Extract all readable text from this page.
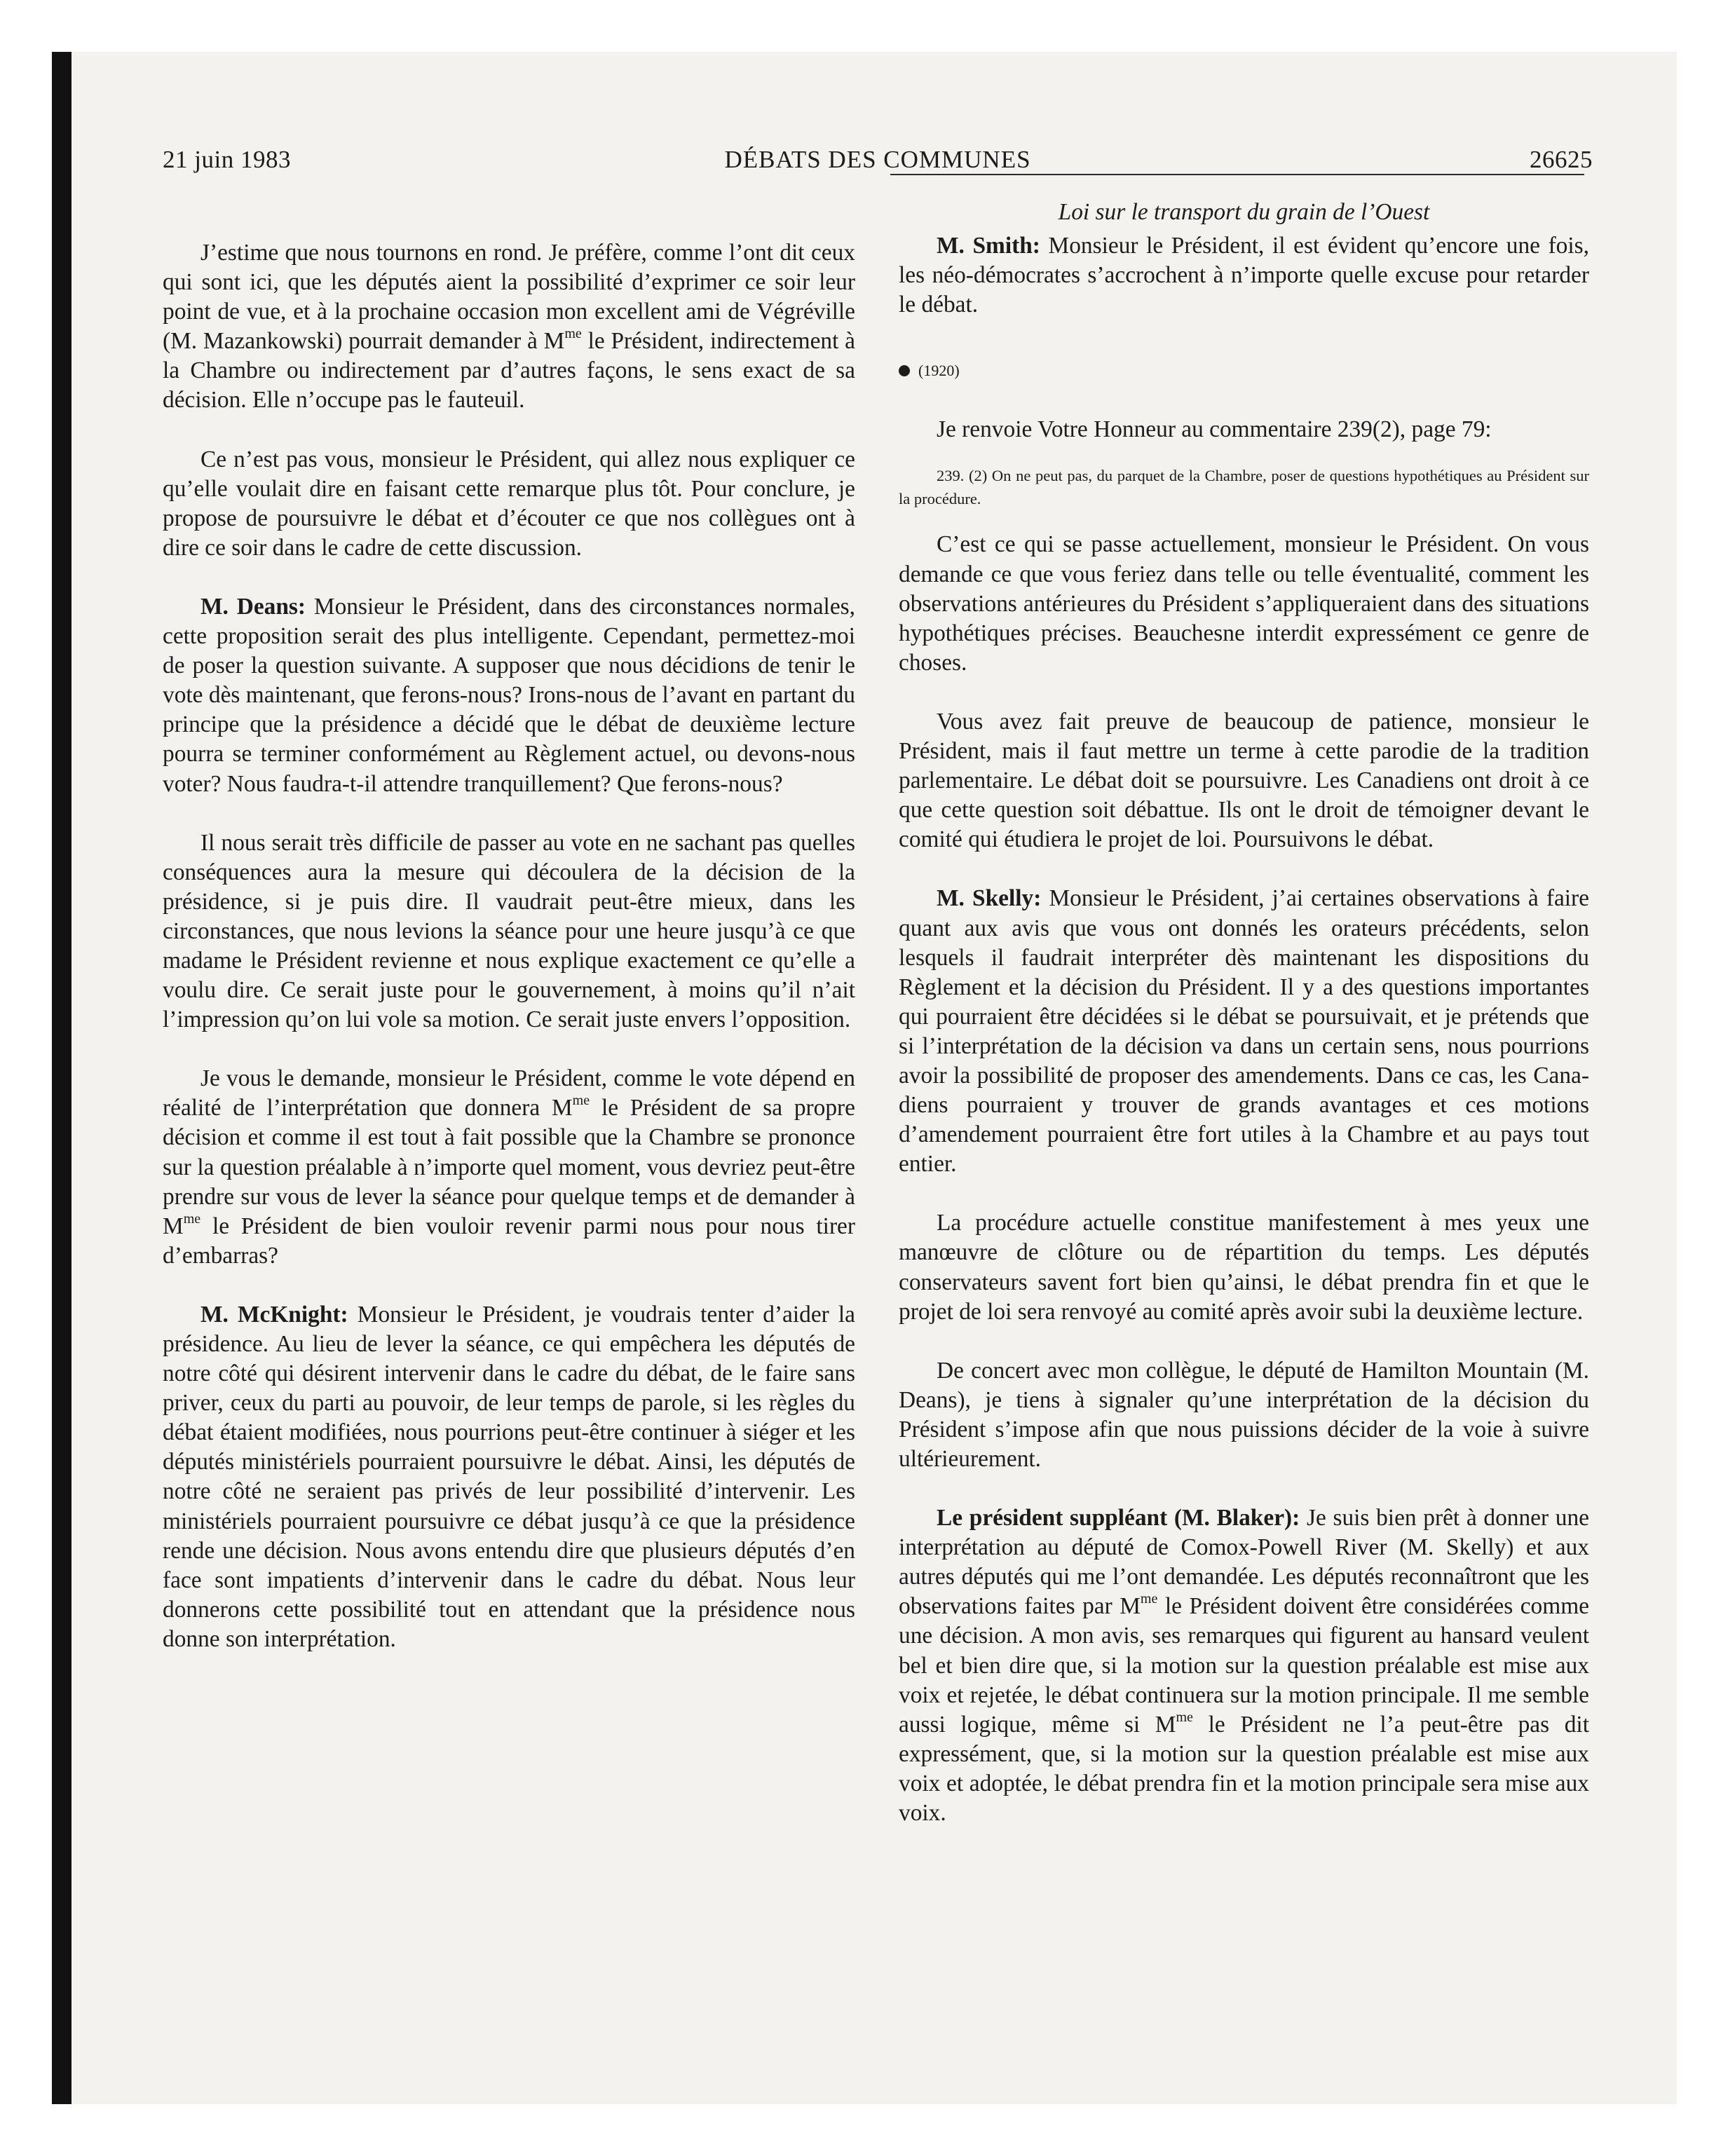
21 juin 1983	DÉBATS DES COMMUNES	26625

J’estime que nous tournons en rond. Je préfère, comme l’ont dit ceux qui sont ici, que les députés aient la possibilité d’exprimer ce soir leur point de vue, et à la prochaine occasion mon excellent ami de Végréville (M. Mazankowski) pourrait demander à $M^{me}$ le Président, indirectement à la Chambre ou indirectement par d’autres façons, le sens exact de sa décision. Elle n’occupe pas le fauteuil.

Ce n’est pas vous, monsieur le Président, qui allez nous expliquer ce qu’elle voulait dire en faisant cette remarque plus tôt. Pour conclure, je propose de poursuivre le débat et d’écouter ce que nos collègues ont à dire ce soir dans le cadre de cette discussion.

M. Deans: Monsieur le Président, dans des circonstances normales, cette proposition serait des plus intelligente. Cependant, permettez-moi de poser la question suivante. A supposer que nous décidions de tenir le vote dès maintenant, que ferons-nous? Irons-nous de l’avant en partant du principe que la présidence a décidé que le débat de deuxième lecture pourra se terminer conformément au Règlement actuel, ou devons-nous voter? Nous faudra-t-il attendre tranquillement? Que ferons-nous?

Il nous serait très difficile de passer au vote en ne sachant pas quelles conséquences aura la mesure qui découlera de la décision de la présidence, si je puis dire. Il vaudrait peut-être mieux, dans les circonstances, que nous levions la séance pour une heure jusqu’à ce que madame le Président revienne et nous explique exactement ce qu’elle a voulu dire. Ce serait juste pour le gouvernement, à moins qu’il n’ait l’impression qu’on lui vole sa motion. Ce serait juste envers l’opposition.

Je vous le demande, monsieur le Président, comme le vote dépend en réalité de l’interprétation que donnera $M^{me}$ le Président de sa propre décision et comme il est tout à fait possible que la Chambre se prononce sur la question préalable à n’importe quel moment, vous devriez peut-être prendre sur vous de lever la séance pour quelque temps et de demander à $M^{me}$ le Président de bien vouloir revenir parmi nous pour nous tirer d’embarras?

M. McKnight: Monsieur le Président, je voudrais tenter d’aider la présidence. Au lieu de lever la séance, ce qui empêchera les députés de notre côté qui désirent intervenir dans le cadre du débat, de le faire sans priver, ceux du parti au pouvoir, de leur temps de parole, si les règles du débat étaient modifiées, nous pourrions peut-être continuer à siéger et les députés ministériels pourraient poursuivre le débat. Ainsi, les députés de notre côté ne seraient pas privés de leur possibilité d’intervenir. Les ministériels pourraient poursuivre ce débat jusqu’à ce que la présidence rende une décision. Nous avons entendu dire que plusieurs députés d’en face sont impatients d’intervenir dans le cadre du débat. Nous leur donnerons cette possibilité tout en attendant que la présidence nous donne son interprétation.

Loi sur le transport du grain de l’Ouest

M. Smith: Monsieur le Président, il est évident qu’encore une fois, les néo-démocrates s’accrochent à n’importe quelle excuse pour retarder le débat.

(1920)

Je renvoie Votre Honneur au commentaire 239(2), page 79:

239. (2) On ne peut pas, du parquet de la Chambre, poser de questions hypothétiques au Président sur la procédure.

C’est ce qui se passe actuellement, monsieur le Président. On vous demande ce que vous feriez dans telle ou telle éventualité, comment les observations antérieures du Président s’appliqueraient dans des situations hypothétiques précises. Beauchesne interdit expressément ce genre de choses.

Vous avez fait preuve de beaucoup de patience, monsieur le Président, mais il faut mettre un terme à cette parodie de la tradition parlementaire. Le débat doit se poursuivre. Les Canadiens ont droit à ce que cette question soit débattue. Ils ont le droit de témoigner devant le comité qui étudiera le projet de loi. Poursuivons le débat.

M. Skelly: Monsieur le Président, j’ai certaines observations à faire quant aux avis que vous ont donnés les orateurs précédents, selon lesquels il faudrait interpréter dès maintenant les dispositions du Règlement et la décision du Président. Il y a des questions importantes qui pourraient être décidées si le débat se poursuivait, et je prétends que si l’interprétation de la décision va dans un certain sens, nous pourrions avoir la possibilité de proposer des amendements. Dans ce cas, les Canadiens pourraient y trouver de grands avantages et ces motions d’amendement pourraient être fort utiles à la Chambre et au pays tout entier.

La procédure actuelle constitue manifestement à mes yeux une manœuvre de clôture ou de répartition du temps. Les députés conservateurs savent fort bien qu’ainsi, le débat prendra fin et que le projet de loi sera renvoyé au comité après avoir subi la deuxième lecture.

De concert avec mon collègue, le député de Hamilton Mountain (M. Deans), je tiens à signaler qu’une interprétation de la décision du Président s’impose afin que nous puissions décider de la voie à suivre ultérieurement.

Le président suppléant (M. Blaker): Je suis bien prêt à donner une interprétation au député de Comox-Powell River (M. Skelly) et aux autres députés qui me l’ont demandée. Les députés reconnaîtront que les observations faites par $M^{me}$ le Président doivent être considérées comme une décision. A mon avis, ses remarques qui figurent au hansard veulent bel et bien dire que, si la motion sur la question préalable est mise aux voix et rejetée, le débat continuera sur la motion principale. Il me semble aussi logique, même si $M^{me}$ le Président ne l’a peut-être pas dit expressément, que, si la motion sur la question préalable est mise aux voix et adoptée, le débat prendra fin et la motion principale sera mise aux voix.
